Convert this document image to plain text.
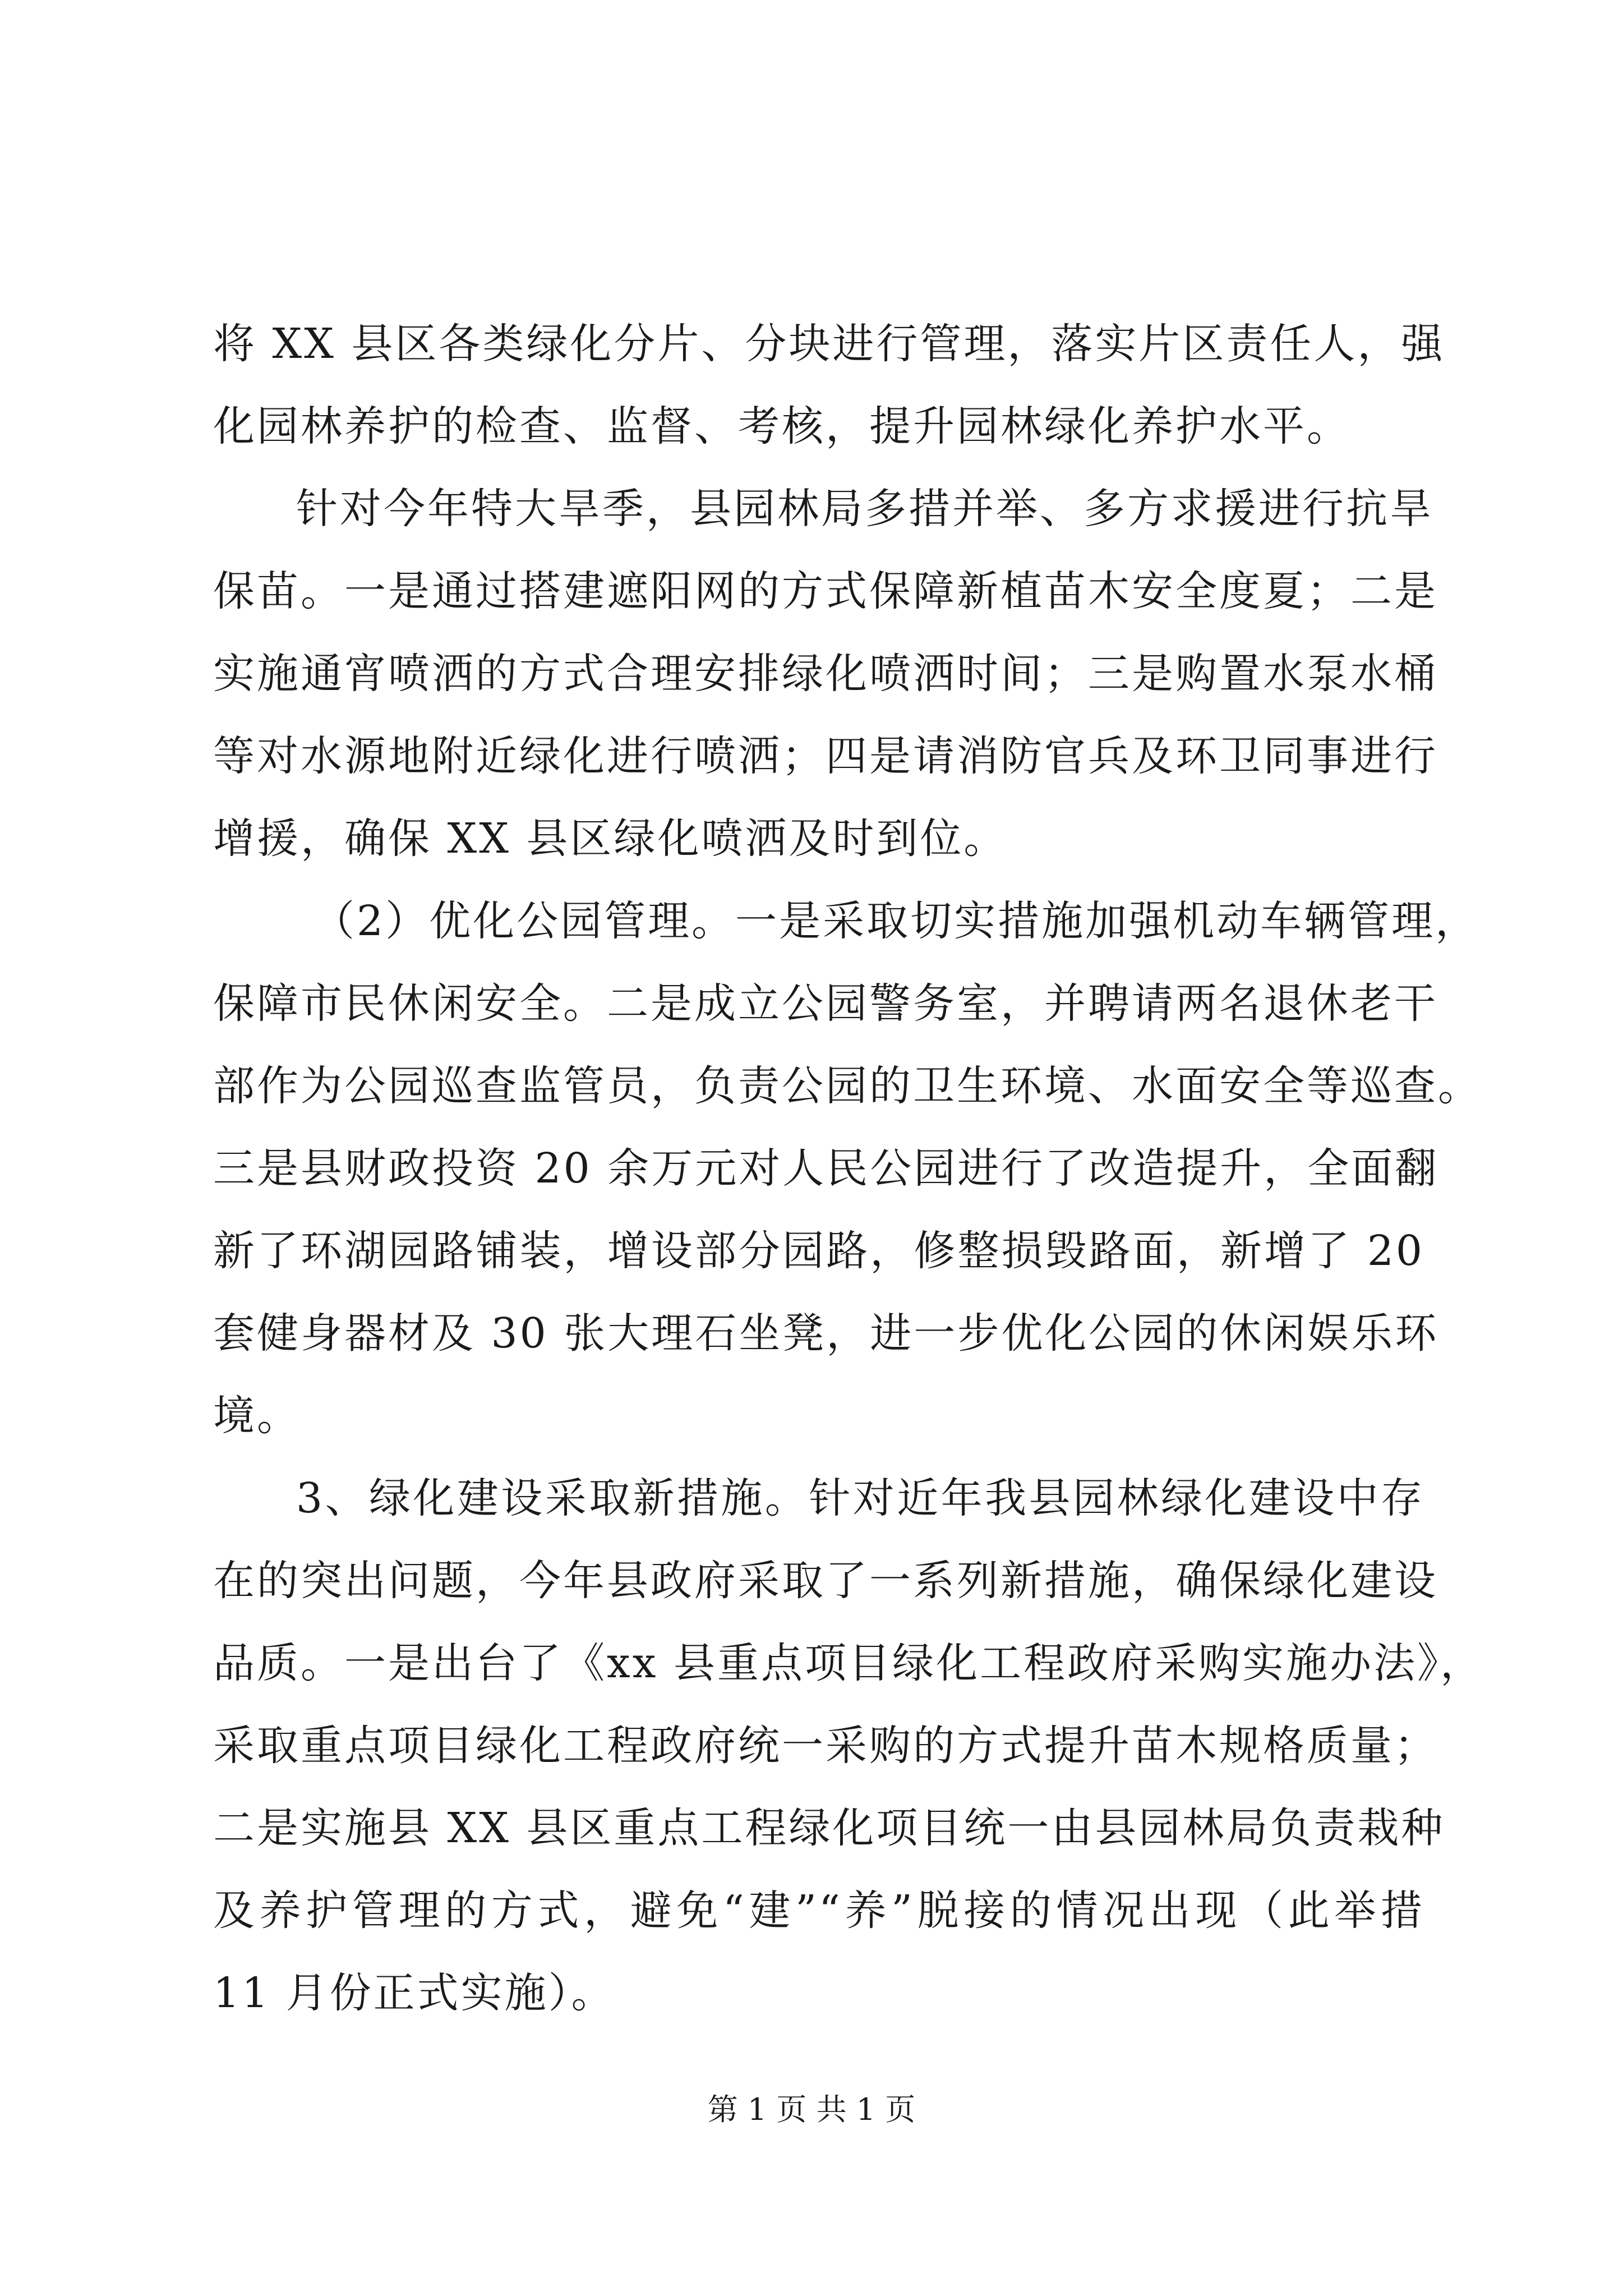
将 XX 县区各类绿化分片、分块进行管理，落实片区责任人，强
化园林养护的检查、监督、考核，提升园林绿化养护水平。
针对今年特大旱季，县园林局多措并举、多方求援进行抗旱
保苗。一是通过搭建遮阳网的方式保障新植苗木安全度夏；二是
实施通宵喷洒的方式合理安排绿化喷洒时间；三是购置水泵水桶
等对水源地附近绿化进行喷洒；四是请消防官兵及环卫同事进行
增援，确保 XX 县区绿化喷洒及时到位。
（2）优化公园管理。一是采取切实措施加强机动车辆管理，
保障市民休闲安全。二是成立公园警务室，并聘请两名退休老干
部作为公园巡查监管员，负责公园的卫生环境、水面安全等巡查。
三是县财政投资 20 余万元对人民公园进行了改造提升，全面翻
新了环湖园路铺装，增设部分园路，修整损毁路面，新增了 20
套健身器材及 30 张大理石坐凳，进一步优化公园的休闲娱乐环
境。
3、绿化建设采取新措施。针对近年我县园林绿化建设中存
在的突出问题，今年县政府采取了一系列新措施，确保绿化建设
品质。一是出台了《xx 县重点项目绿化工程政府采购实施办法》，
采取重点项目绿化工程政府统一采购的方式提升苗木规格质量；
二是实施县 XX 县区重点工程绿化项目统一由县园林局负责栽种
及养护管理的方式，避免“建”“养”脱接的情况出现（此举措
11 月份正式实施）。
第 1 页 共 1 页
